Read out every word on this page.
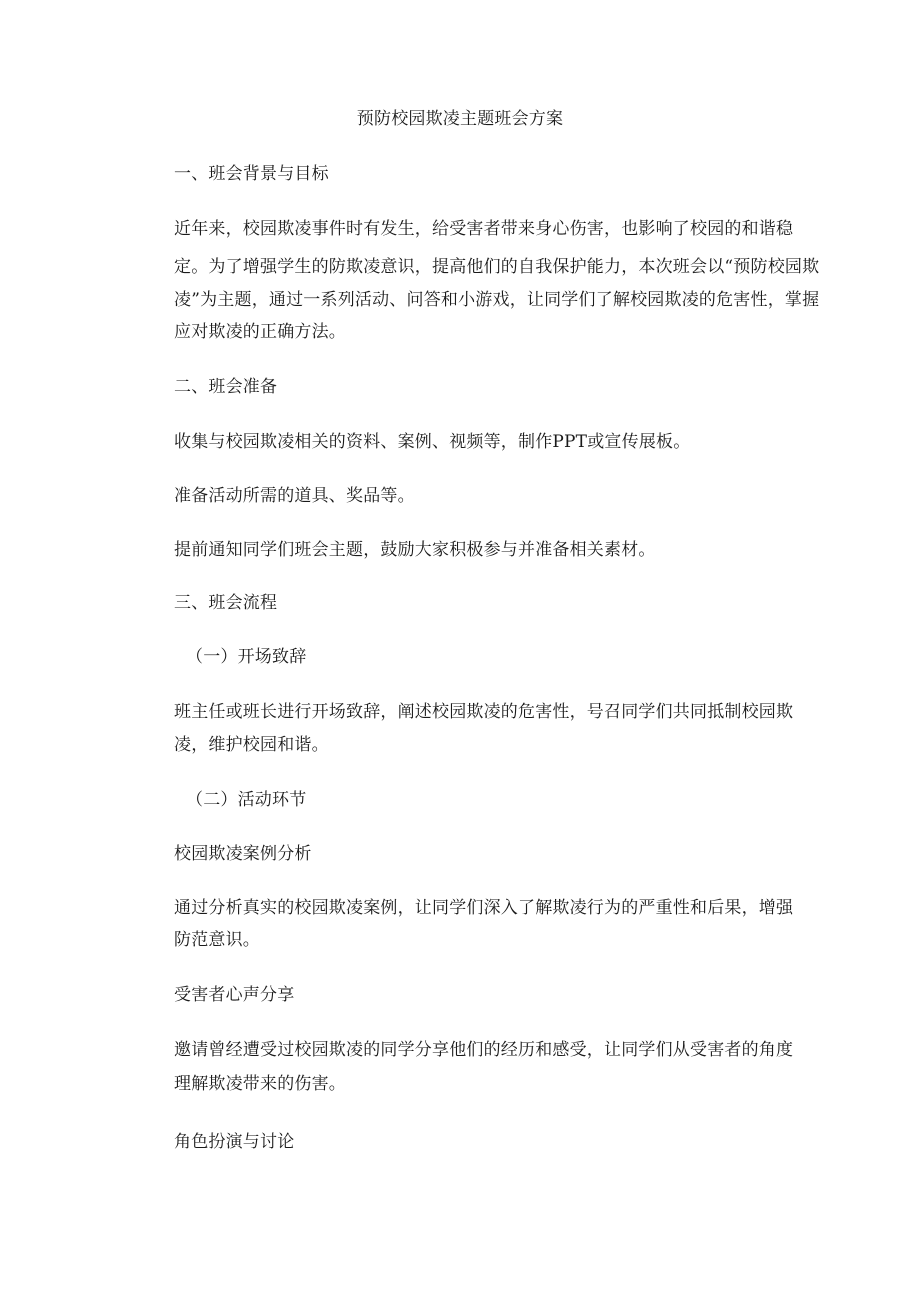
预防校园欺凌主题班会方案
一、班会背景与目标
近年来，校园欺凌事件时有发生，给受害者带来身心伤害，也影响了校园的和谐稳
定。为了增强学生的防欺凌意识，提高他们的自我保护能力，本次班会以“预防校园欺
凌”为主题，通过一系列活动、问答和小游戏，让同学们了解校园欺凌的危害性，掌握
应对欺凌的正确方法。
二、班会准备
收集与校园欺凌相关的资料、案例、视频等，制作PPT或宣传展板。
准备活动所需的道具、奖品等。
提前通知同学们班会主题，鼓励大家积极参与并准备相关素材。
三、班会流程
（一）开场致辞
班主任或班长进行开场致辞，阐述校园欺凌的危害性，号召同学们共同抵制校园欺
凌，维护校园和谐。
（二）活动环节
校园欺凌案例分析
通过分析真实的校园欺凌案例，让同学们深入了解欺凌行为的严重性和后果，增强
防范意识。
受害者心声分享
邀请曾经遭受过校园欺凌的同学分享他们的经历和感受，让同学们从受害者的角度
理解欺凌带来的伤害。
角色扮演与讨论
